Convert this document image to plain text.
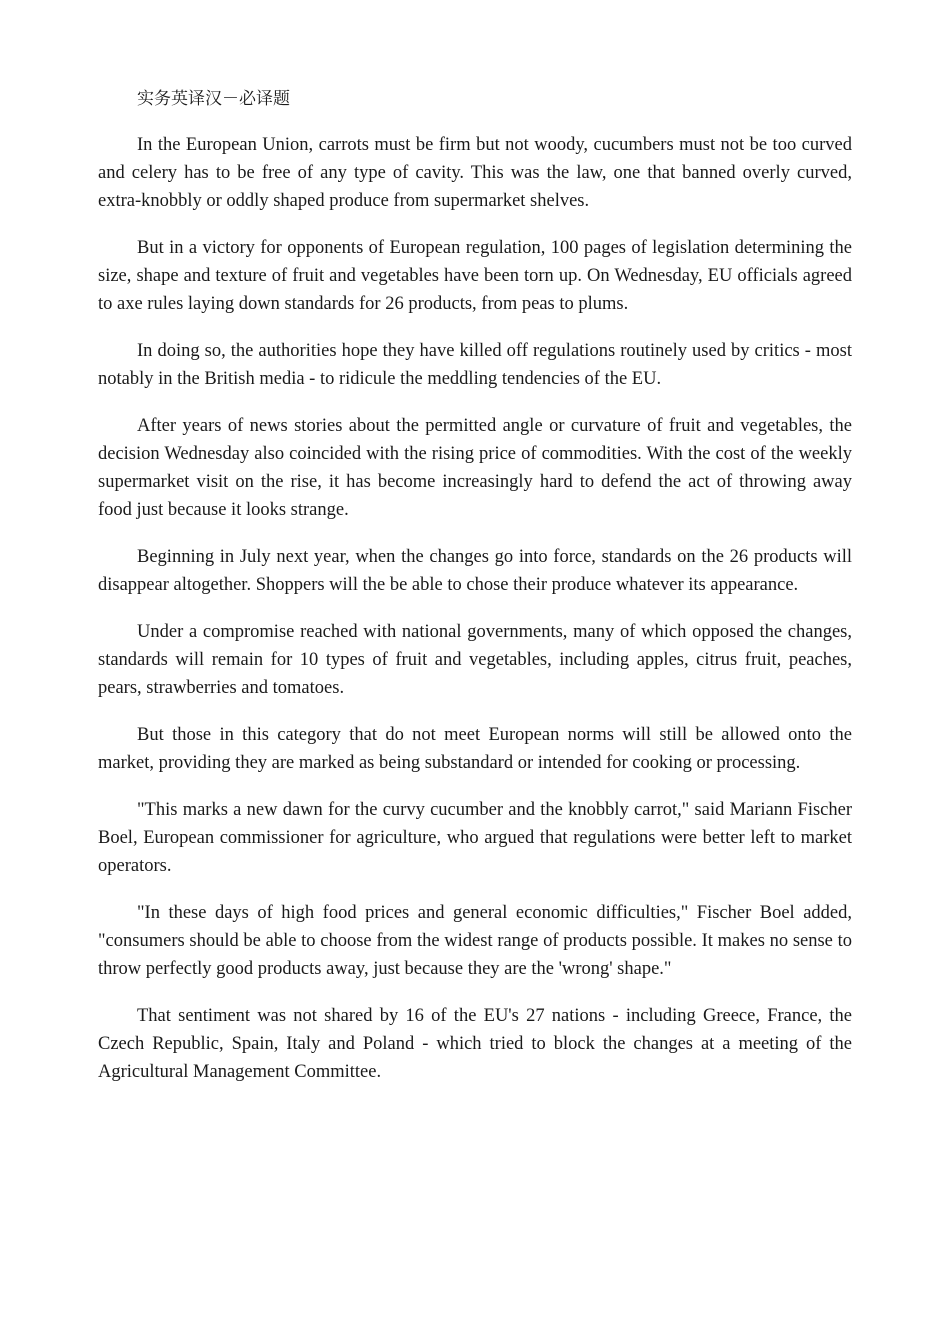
实务英译汉－必译题

In the European Union, carrots must be firm but not woody, cucumbers must not be too curved and celery has to be free of any type of cavity. This was the law, one that banned overly curved, extra-knobbly or oddly shaped produce from supermarket shelves.

But in a victory for opponents of European regulation, 100 pages of legislation determining the size, shape and texture of fruit and vegetables have been torn up. On Wednesday, EU officials agreed to axe rules laying down standards for 26 products, from peas to plums.

In doing so, the authorities hope they have killed off regulations routinely used by critics - most notably in the British media - to ridicule the meddling tendencies of the EU.

After years of news stories about the permitted angle or curvature of fruit and vegetables, the decision Wednesday also coincided with the rising price of commodities. With the cost of the weekly supermarket visit on the rise, it has become increasingly hard to defend the act of throwing away food just because it looks strange.

Beginning in July next year, when the changes go into force, standards on the 26 products will disappear altogether. Shoppers will the be able to chose their produce whatever its appearance.

Under a compromise reached with national governments, many of which opposed the changes, standards will remain for 10 types of fruit and vegetables, including apples, citrus fruit, peaches, pears, strawberries and tomatoes.

But those in this category that do not meet European norms will still be allowed onto the market, providing they are marked as being substandard or intended for cooking or processing.

"This marks a new dawn for the curvy cucumber and the knobbly carrot," said Mariann Fischer Boel, European commissioner for agriculture, who argued that regulations were better left to market operators.

"In these days of high food prices and general economic difficulties," Fischer Boel added, "consumers should be able to choose from the widest range of products possible. It makes no sense to throw perfectly good products away, just because they are the 'wrong' shape."

That sentiment was not shared by 16 of the EU's 27 nations - including Greece, France, the Czech Republic, Spain, Italy and Poland - which tried to block the changes at a meeting of the Agricultural Management Committee.
